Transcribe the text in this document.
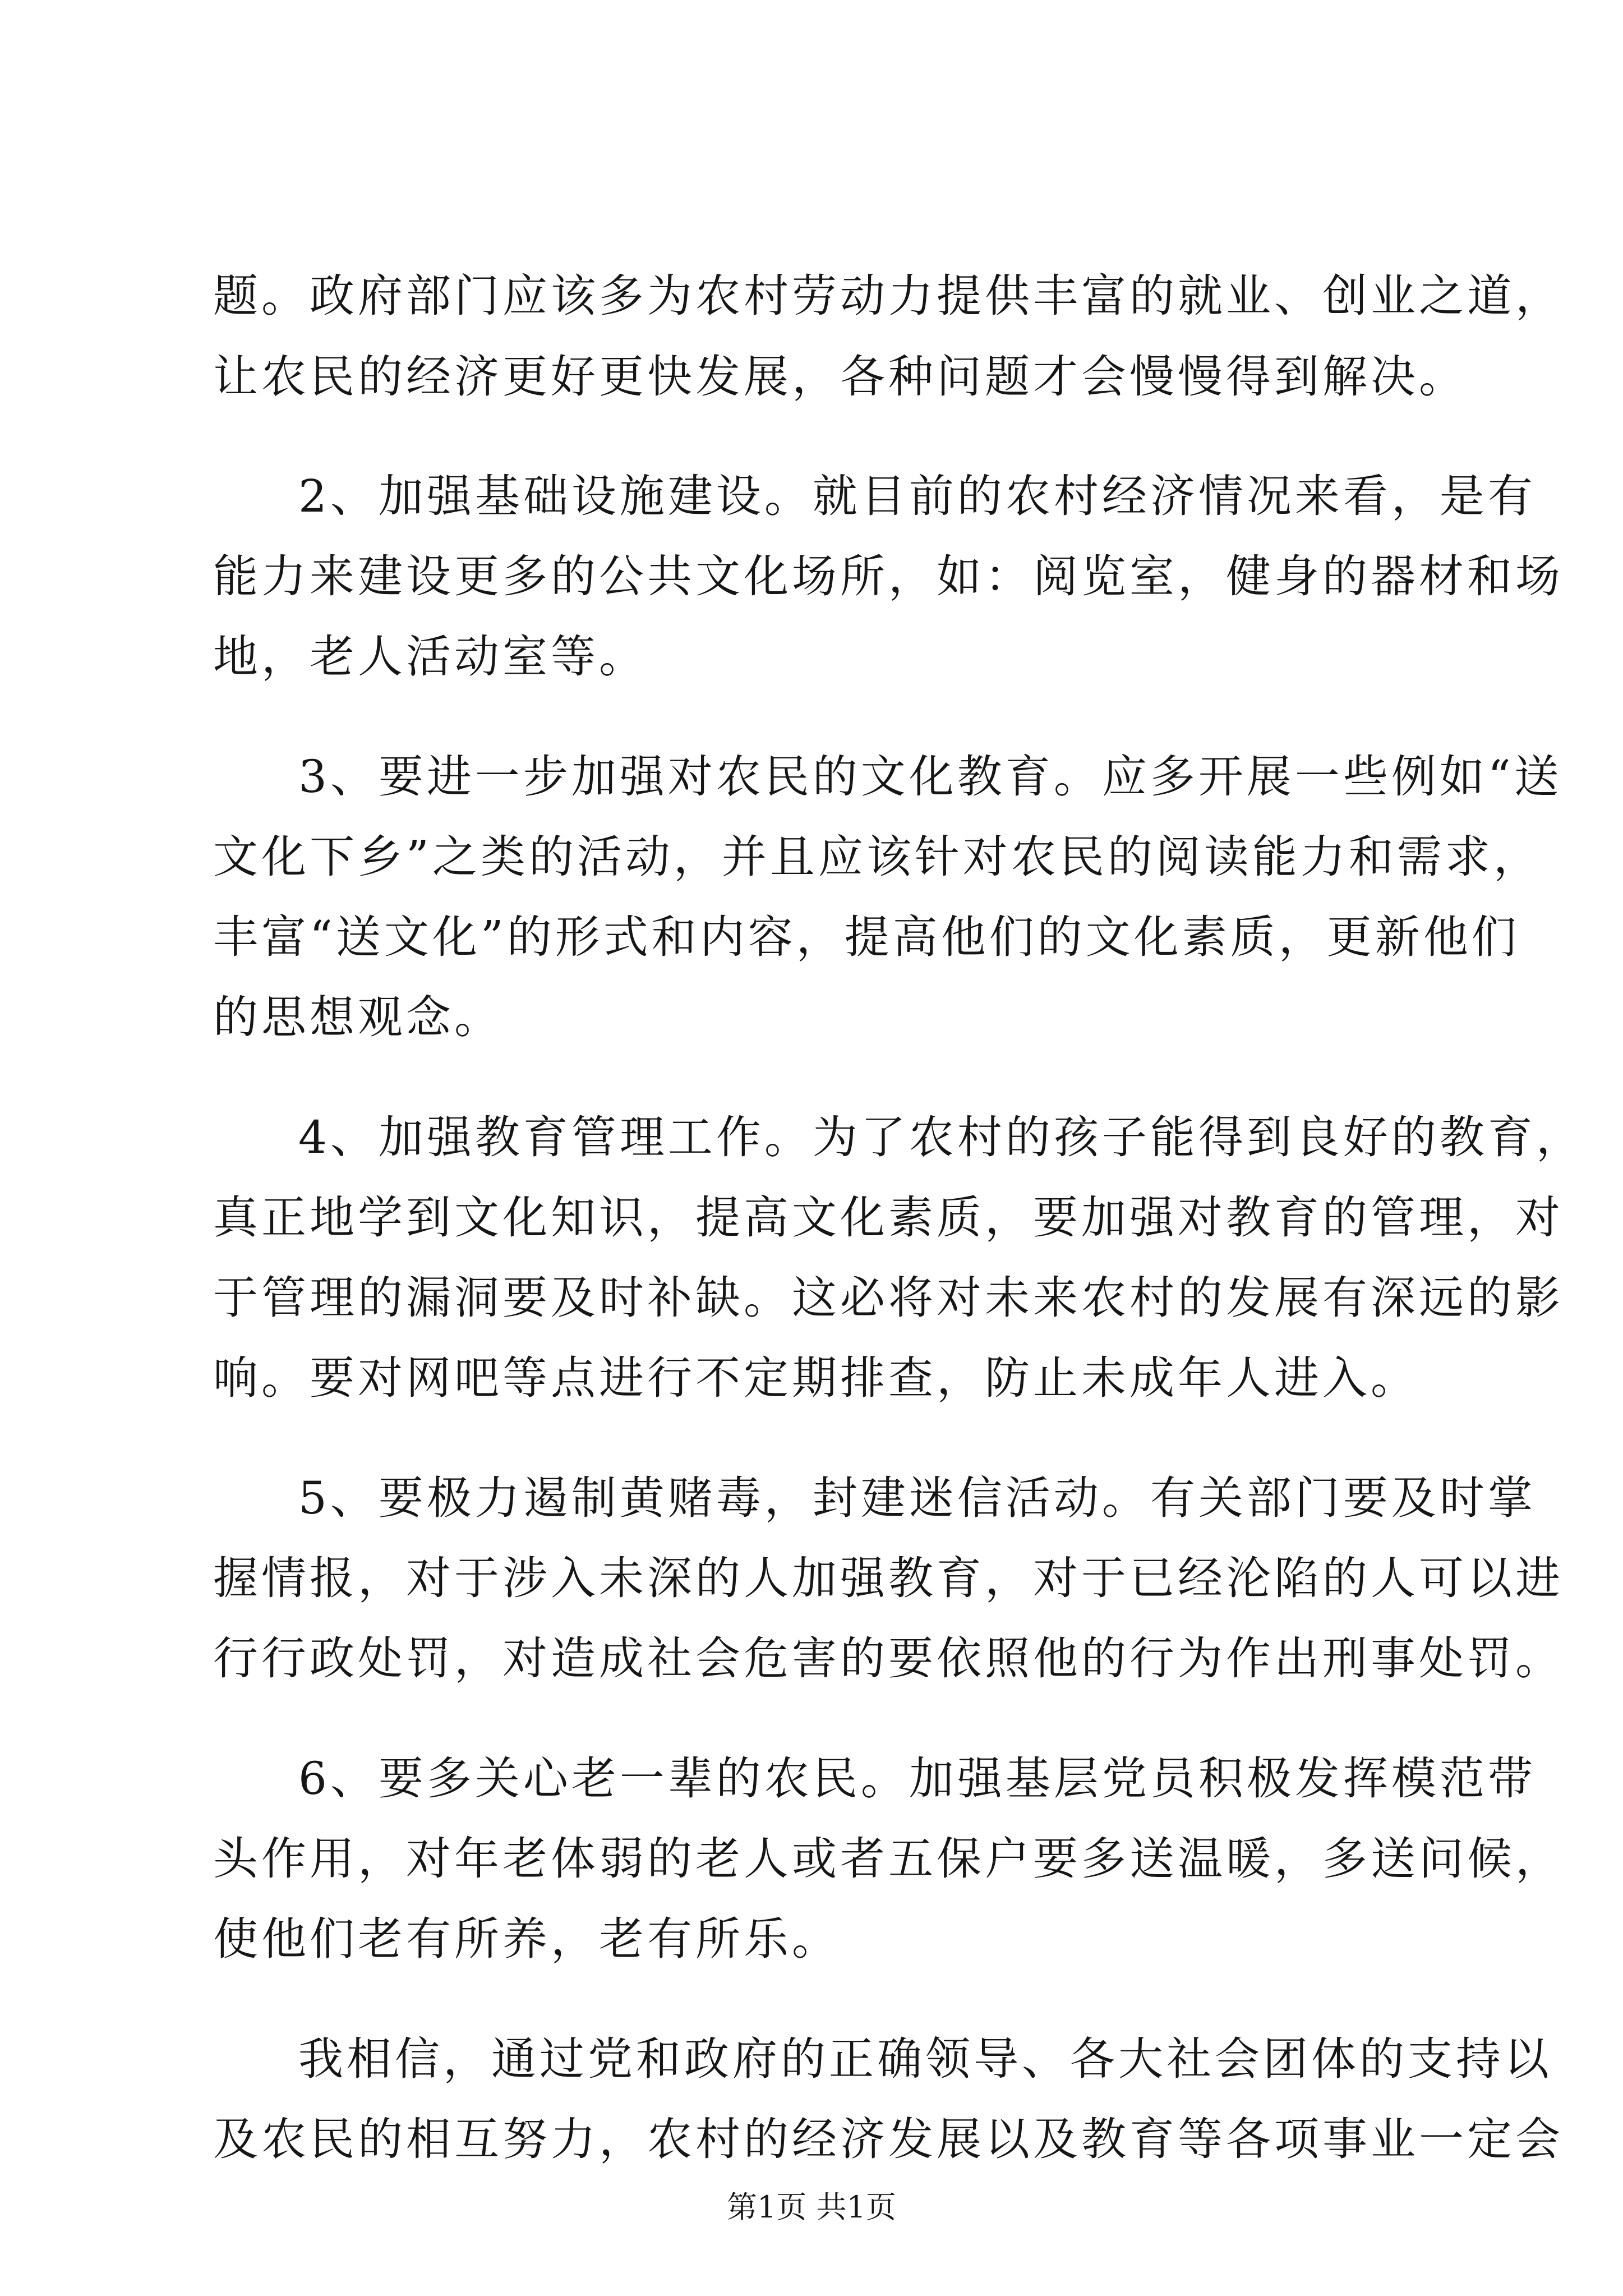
题。政府部门应该多为农村劳动力提供丰富的就业、创业之道，
让农民的经济更好更快发展，各种问题才会慢慢得到解决。
2、加强基础设施建设。就目前的农村经济情况来看，是有
能力来建设更多的公共文化场所，如：阅览室，健身的器材和场
地，老人活动室等。
3、要进一步加强对农民的文化教育。应多开展一些例如“送
文化下乡”之类的活动，并且应该针对农民的阅读能力和需求，
丰富“送文化”的形式和内容，提高他们的文化素质，更新他们
的思想观念。
4、加强教育管理工作。为了农村的孩子能得到良好的教育，
真正地学到文化知识，提高文化素质，要加强对教育的管理，对
于管理的漏洞要及时补缺。这必将对未来农村的发展有深远的影
响。要对网吧等点进行不定期排查，防止未成年人进入。
5、要极力遏制黄赌毒，封建迷信活动。有关部门要及时掌
握情报，对于涉入未深的人加强教育，对于已经沦陷的人可以进
行行政处罚，对造成社会危害的要依照他的行为作出刑事处罚。
6、要多关心老一辈的农民。加强基层党员积极发挥模范带
头作用，对年老体弱的老人或者五保户要多送温暖，多送问候，
使他们老有所养，老有所乐。
我相信，通过党和政府的正确领导、各大社会团体的支持以
及农民的相互努力，农村的经济发展以及教育等各项事业一定会
第1页 共1页
